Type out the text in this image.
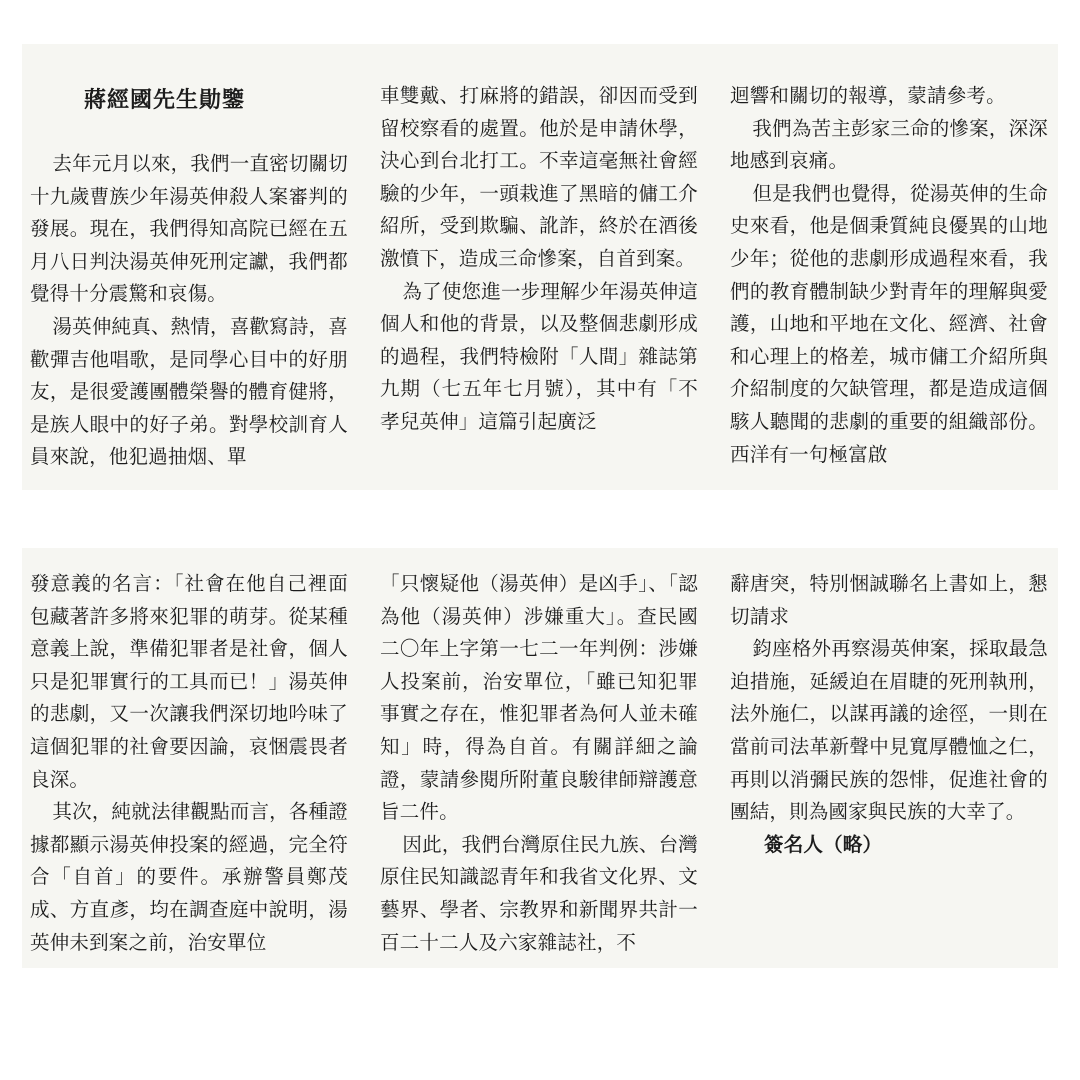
蔣經國先生勛鑒

去年元月以來，我們一直密切關切十九歲曹族少年湯英伸殺人案審判的發展。現在，我們得知高院已經在五月八日判決湯英伸死刑定讞，我們都覺得十分震驚和哀傷。

湯英伸純真、熱情，喜歡寫詩，喜歡彈吉他唱歌，是同學心目中的好朋友，是很愛護團體榮譽的體育健將，是族人眼中的好子弟。對學校訓育人員來說，他犯過抽烟、單

車雙戴、打麻將的錯誤，卻因而受到留校察看的處置。他於是申請休學，決心到台北打工。不幸這毫無社會經驗的少年，一頭栽進了黑暗的傭工介紹所，受到欺騙、訛詐，終於在酒後激憤下，造成三命慘案，自首到案。

為了使您進一步理解少年湯英伸這個人和他的背景，以及整個悲劇形成的過程，我們特檢附「人間」雜誌第九期（七五年七月號），其中有「不孝兒英伸」這篇引起廣泛

迴響和關切的報導，蒙請參考。

我們為苦主彭家三命的慘案，深深地感到哀痛。

但是我們也覺得，從湯英伸的生命史來看，他是個秉質純良優異的山地少年；從他的悲劇形成過程來看，我們的教育體制缺少對青年的理解與愛護，山地和平地在文化、經濟、社會和心理上的格差，城市傭工介紹所與介紹制度的欠缺管理，都是造成這個駭人聽聞的悲劇的重要的組織部份。西洋有一句極富啟

發意義的名言：「社會在他自己裡面包藏著許多將來犯罪的萌芽。從某種意義上說，準備犯罪者是社會，個人只是犯罪實行的工具而已！」湯英伸的悲劇，又一次讓我們深切地吟味了這個犯罪的社會要因論，哀悃震畏者良深。

其次，純就法律觀點而言，各種證據都顯示湯英伸投案的經過，完全符合「自首」的要件。承辦警員鄭茂成、方直彥，均在調查庭中說明，湯英伸未到案之前，治安單位

「只懷疑他（湯英伸）是凶手」、「認為他（湯英伸）涉嫌重大」。查民國二〇年上字第一七二一年判例：涉嫌人投案前，治安單位，「雖已知犯罪事實之存在，惟犯罪者為何人並未確知」時，得為自首。有關詳細之論證，蒙請參閱所附董良駿律師辯護意旨二件。

因此，我們台灣原住民九族、台灣原住民知識認青年和我省文化界、文藝界、學者、宗教界和新聞界共計一百二十二人及六家雜誌社，不

辭唐突，特別悃誠聯名上書如上，懇切請求

鈞座格外再察湯英伸案，採取最急迫措施，延緩迫在眉睫的死刑執刑，法外施仁，以謀再議的途徑，一則在當前司法革新聲中見寬厚體恤之仁，再則以消彌民族的怨悱，促進社會的團結，則為國家與民族的大幸了。

簽名人（略）
